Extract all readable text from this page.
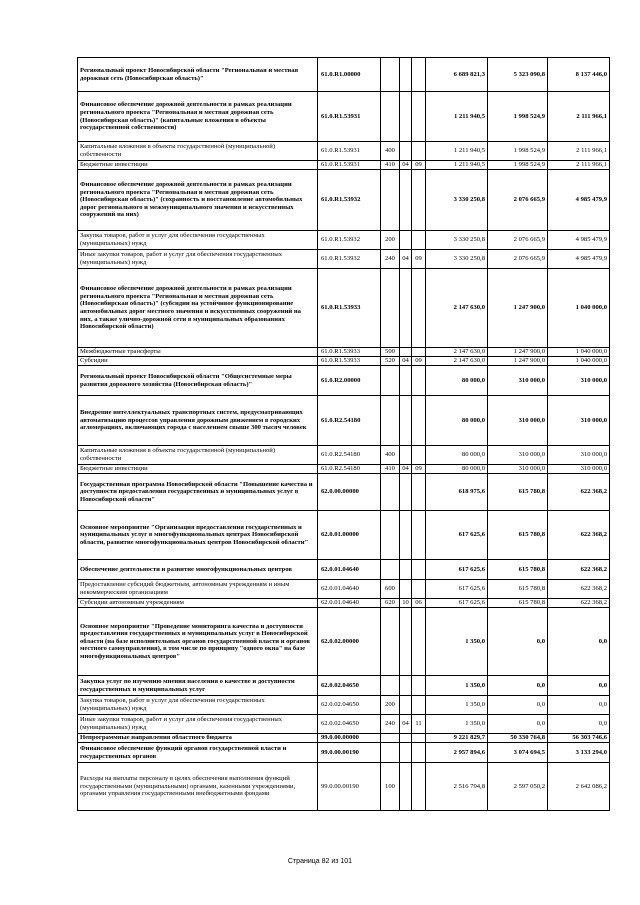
Региональный проект Новосибирской области "Региональная и местная дорожная сеть (Новосибирская область)"	61.0.R1.00000				6 689 821,3	5 323 090,8	8 137 446,0
Финансовое обеспечение дорожной деятельности в рамках реализации регионального проекта "Региональная и местная дорожная сеть (Новосибирская область)" (капитальные вложения в объекты государственной собственности)	61.0.R1.53931				1 211 940,5	1 998 524,9	2 111 966,1
Капитальные вложения в объекты государственной (муниципальной) собственности	61.0.R1.53931	400			1 211 940,5	1 998 524,9	2 111 966,1
Бюджетные инвестиции	61.0.R1.53931	410	04	09	1 211 940,5	1 998 524,9	2 111 966,1
Финансовое обеспечение дорожной деятельности в рамках реализации регионального проекта "Региональная и местная дорожная сеть (Новосибирская область)" (сохранность и восстановление автомобильных дорог регионального и межмуниципального значения и искусственных сооружений на них)	61.0.R1.53932				3 330 250,8	2 076 665,9	4 985 479,9
Закупка товаров, работ и услуг для обеспечения государственных (муниципальных) нужд	61.0.R1.53932	200			3 330 250,8	2 076 665,9	4 985 479,9
Иные закупки товаров, работ и услуг для обеспечения государственных (муниципальных) нужд	61.0.R1.53932	240	04	09	3 330 250,8	2 076 665,9	4 985 479,9
Финансовое обеспечение дорожной деятельности в рамках реализации регионального проекта "Региональная и местная дорожная сеть (Новосибирская область)" (субсидии на устойчивое функционирование автомобильных дорог местного значения и искусственных сооружений на них, а также улично-дорожной сети в муниципальных образованиях Новосибирской области)	61.0.R1.53933				2 147 630,0	1 247 900,0	1 040 000,0
Межбюджетные трансферты	61.0.R1.53933	500			2 147 630,0	1 247 900,0	1 040 000,0
Субсидии	61.0.R1.53933	520	04	09	2 147 630,0	1 247 900,0	1 040 000,0
Региональный проект Новосибирской области "Общесистемные меры развития дорожного хозяйства (Новосибирская область)"	61.0.R2.00000				80 000,0	310 000,0	310 000,0
Внедрение интеллектуальных транспортных систем, предусматривающих автоматизацию процессов управления дорожным движением в городских агломерациях, включающих города с населением свыше 300 тысяч человек	61.0.R2.54180				80 000,0	310 000,0	310 000,0
Капитальные вложения в объекты государственной (муниципальной) собственности	61.0.R2.54180	400			80 000,0	310 000,0	310 000,0
Бюджетные инвестиции	61.0.R2.54180	410	04	09	80 000,0	310 000,0	310 000,0
Государственная программа Новосибирской области "Повышение качества и доступности предоставления государственных и муниципальных услуг в Новосибирской области"	62.0.00.00000				618 975,6	615 780,8	622 368,2
Основное мероприятие "Организация предоставления государственных и муниципальных услуг в многофункциональных центрах Новосибирской области, развитие многофункциональных центров Новосибирской области"	62.0.01.00000				617 625,6	615 780,8	622 368,2
Обеспечение деятельности и развитие многофункциональных центров	62.0.01.04640				617 625,6	615 780,8	622 368,2
Предоставление субсидий бюджетным, автономным учреждениям и иным некоммерческим организациям	62.0.01.04640	600			617 625,6	615 780,8	622 368,2
Субсидии автономным учреждениям	62.0.01.04640	620	10	06	617 625,6	615 780,8	622 368,2
Основное мероприятие "Проведение мониторинга качества и доступности предоставления государственных и муниципальных услуг в Новосибирской области (на базе исполнительных органов государственной власти и органов местного самоуправления), в том числе по принципу "одного окна" на базе многофункциональных центров"	62.0.02.00000				1 350,0	0,0	0,0
Закупка услуг по изучению мнения населения о качестве и доступности государственных и муниципальных услуг	62.0.02.04650				1 350,0	0,0	0,0
Закупка товаров, работ и услуг для обеспечения государственных (муниципальных) нужд	62.0.02.04650	200			1 350,0	0,0	0,0
Иные закупки товаров, работ и услуг для обеспечения государственных (муниципальных) нужд	62.0.02.04650	240	04	11	1 350,0	0,0	0,0
Непрограммные направления областного бюджета	99.0.00.00000				9 221 829,7	50 330 764,8	56 303 746,6
Финансовое обеспечение функций органов государственной власти и государственных органов	99.0.00.00190				2 957 894,6	3 074 694,5	3 133 294,0
Расходы на выплаты персоналу в целях обеспечения выполнения функций государственными (муниципальными) органами, казенными учреждениями, органами управления государственными внебюджетными фондами	99.0.00.00190	100			2 516 794,8	2 597 050,2	2 642 086,2
Страница 82 из 101
